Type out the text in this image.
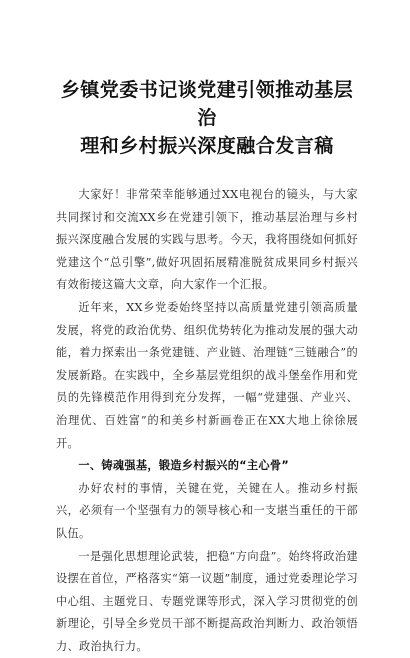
乡镇党委书记谈党建引领推动基层治
理和乡村振兴深度融合发言稿

大家好！非常荣幸能够通过XX电视台的镜头，与大家共同探讨和交流XX乡在党建引领下，推动基层治理与乡村振兴深度融合发展的实践与思考。今天，我将围绕如何抓好党建这个“总引擎”,做好巩固拓展精准脱贫成果同乡村振兴有效衔接这篇大文章，向大家作一个汇报。

近年来，XX乡党委始终坚持以高质量党建引领高质量发展，将党的政治优势、组织优势转化为推动发展的强大动能，着力探索出一条党建链、产业链、治理链“三链融合”的发展新路。在实践中，全乡基层党组织的战斗堡垒作用和党员的先锋模范作用得到充分发挥，一幅“党建强、产业兴、治理优、百姓富”的和美乡村新画卷正在XX大地上徐徐展开。

一、铸魂强基，锻造乡村振兴的“主心骨”

办好农村的事情，关键在党，关键在人。推动乡村振兴，必须有一个坚强有力的领导核心和一支堪当重任的干部队伍。

一是强化思想理论武装，把稳“方向盘”。始终将政治建设摆在首位，严格落实“第一议题”制度，通过党委理论学习中心组、主题党日、专题党课等形式，深入学习贯彻党的创新理论，引导全乡党员干部不断提高政治判断力、政治领悟力、政治执行力。
